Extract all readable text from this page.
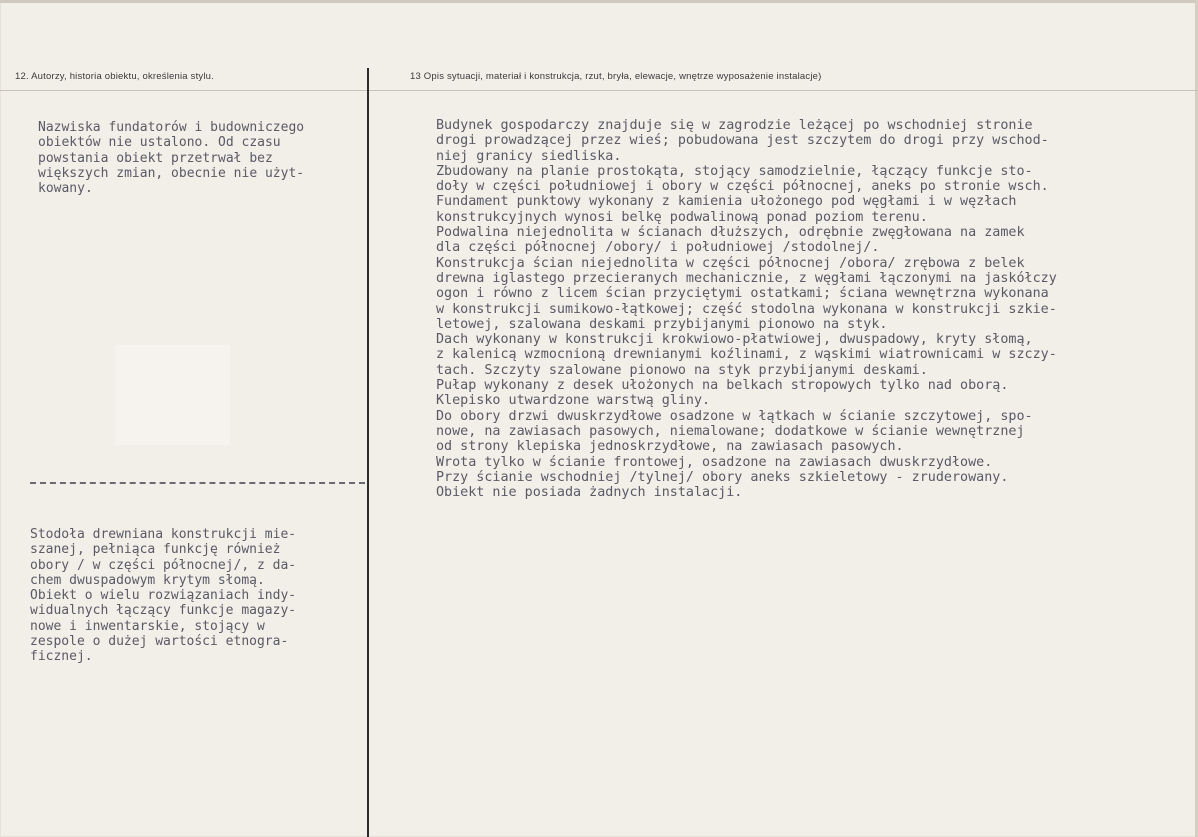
12. Autorzy, historia obiektu, określenia stylu.	13 Opis sytuacji, materiał i konstrukcja, rzut, bryła, elewacje, wnętrze wyposażenie instalacje)
Nazwiska fundatorów i budowniczego
obiektów nie ustalono. Od czasu
powstania obiekt przetrwał bez
większych zmian, obecnie nie użyt-
kowany.
Stodoła drewniana konstrukcji mie-
szanej, pełniąca funkcję również
obory / w części północnej/, z da-
chem dwuspadowym krytym słomą.
Obiekt o wielu rozwiązaniach indy-
widualnych łączący funkcje magazy-
nowe i inwentarskie, stojący w
zespole o dużej wartości etnogra-
ficznej.
Budynek gospodarczy znajduje się w zagrodzie leżącej po wschodniej stronie
drogi prowadzącej przez wieś; pobudowana jest szczytem do drogi przy wschod-
niej granicy siedliska.
Zbudowany na planie prostokąta, stojący samodzielnie, łączący funkcje sto-
doły w części południowej i obory w części północnej, aneks po stronie wsch.
Fundament punktowy wykonany z kamienia ułożonego pod węgłami i w węzłach
konstrukcyjnych wynosi belkę podwalinową ponad poziom terenu.
Podwalina niejednolita w ścianach dłuższych, odrębnie zwęgłowana na zamek
dla części północnej /obory/ i południowej /stodolnej/.
Konstrukcja ścian niejednolita w części północnej /obora/ zrębowa z belek
drewna iglastego przecieranych mechanicznie, z węgłami łączonymi na jaskółczy
ogon i równo z licem ścian przyciętymi ostatkami; ściana wewnętrzna wykonana
w konstrukcji sumikowo-łątkowej; część stodolna wykonana w konstrukcji szkie-
letowej, szalowana deskami przybijanymi pionowo na styk.
Dach wykonany w konstrukcji krokwiowo-płatwiowej, dwuspadowy, kryty słomą,
z kalenicą wzmocnioną drewnianymi koźlinami, z wąskimi wiatrownicami w szczy-
tach. Szczyty szalowane pionowo na styk przybijanymi deskami.
Pułap wykonany z desek ułożonych na belkach stropowych tylko nad oborą.
Klepisko utwardzone warstwą gliny.
Do obory drzwi dwuskrzydłowe osadzone w łątkach w ścianie szczytowej, spo-
nowe, na zawiasach pasowych, niemalowane; dodatkowe w ścianie wewnętrznej
od strony klepiska jednoskrzydłowe, na zawiasach pasowych.
Wrota tylko w ścianie frontowej, osadzone na zawiasach dwuskrzydłowe.
Przy ścianie wschodniej /tylnej/ obory aneks szkieletowy - zruderowany.
Obiekt nie posiada żadnych instalacji.
